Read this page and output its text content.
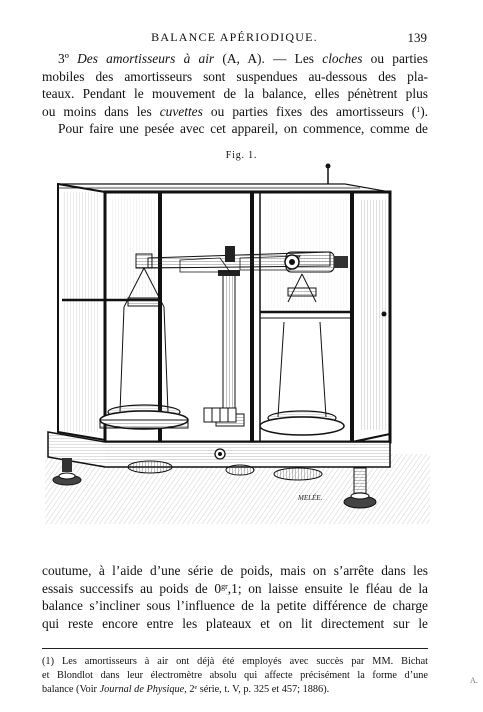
BALANCE APÉRIODIQUE.	139
3º Des amortisseurs à air (A, A). — Les cloches ou parties
mobiles des amortisseurs sont suspendues au-dessous des pla-
teaux. Pendant le mouvement de la balance, elles pénètrent plus
ou moins dans les cuvettes ou parties fixes des amortisseurs ($^1$).
Pour faire une pesée avec cet appareil, on commence, comme de
Fig. 1.
MELÉE.
coutume, à l’aide d’une série de poids, mais on s’arrête dans les
essais successifs au poids de $0^{gr},1$; on laisse ensuite le fléau de la
balance s’incliner sous l’influence de la petite différence de charge
qui reste encore entre les plateaux et on lit directement sur le
(1) Les amortisseurs à air ont déjà été employés avec succès par MM. Bichat
et Blondlot dans leur électromètre absolu qui affecte précisément la forme d’une
balance (Voir Journal de Physique, 2ᵉ série, t. V, p. 325 et 457; 1886).
A.
